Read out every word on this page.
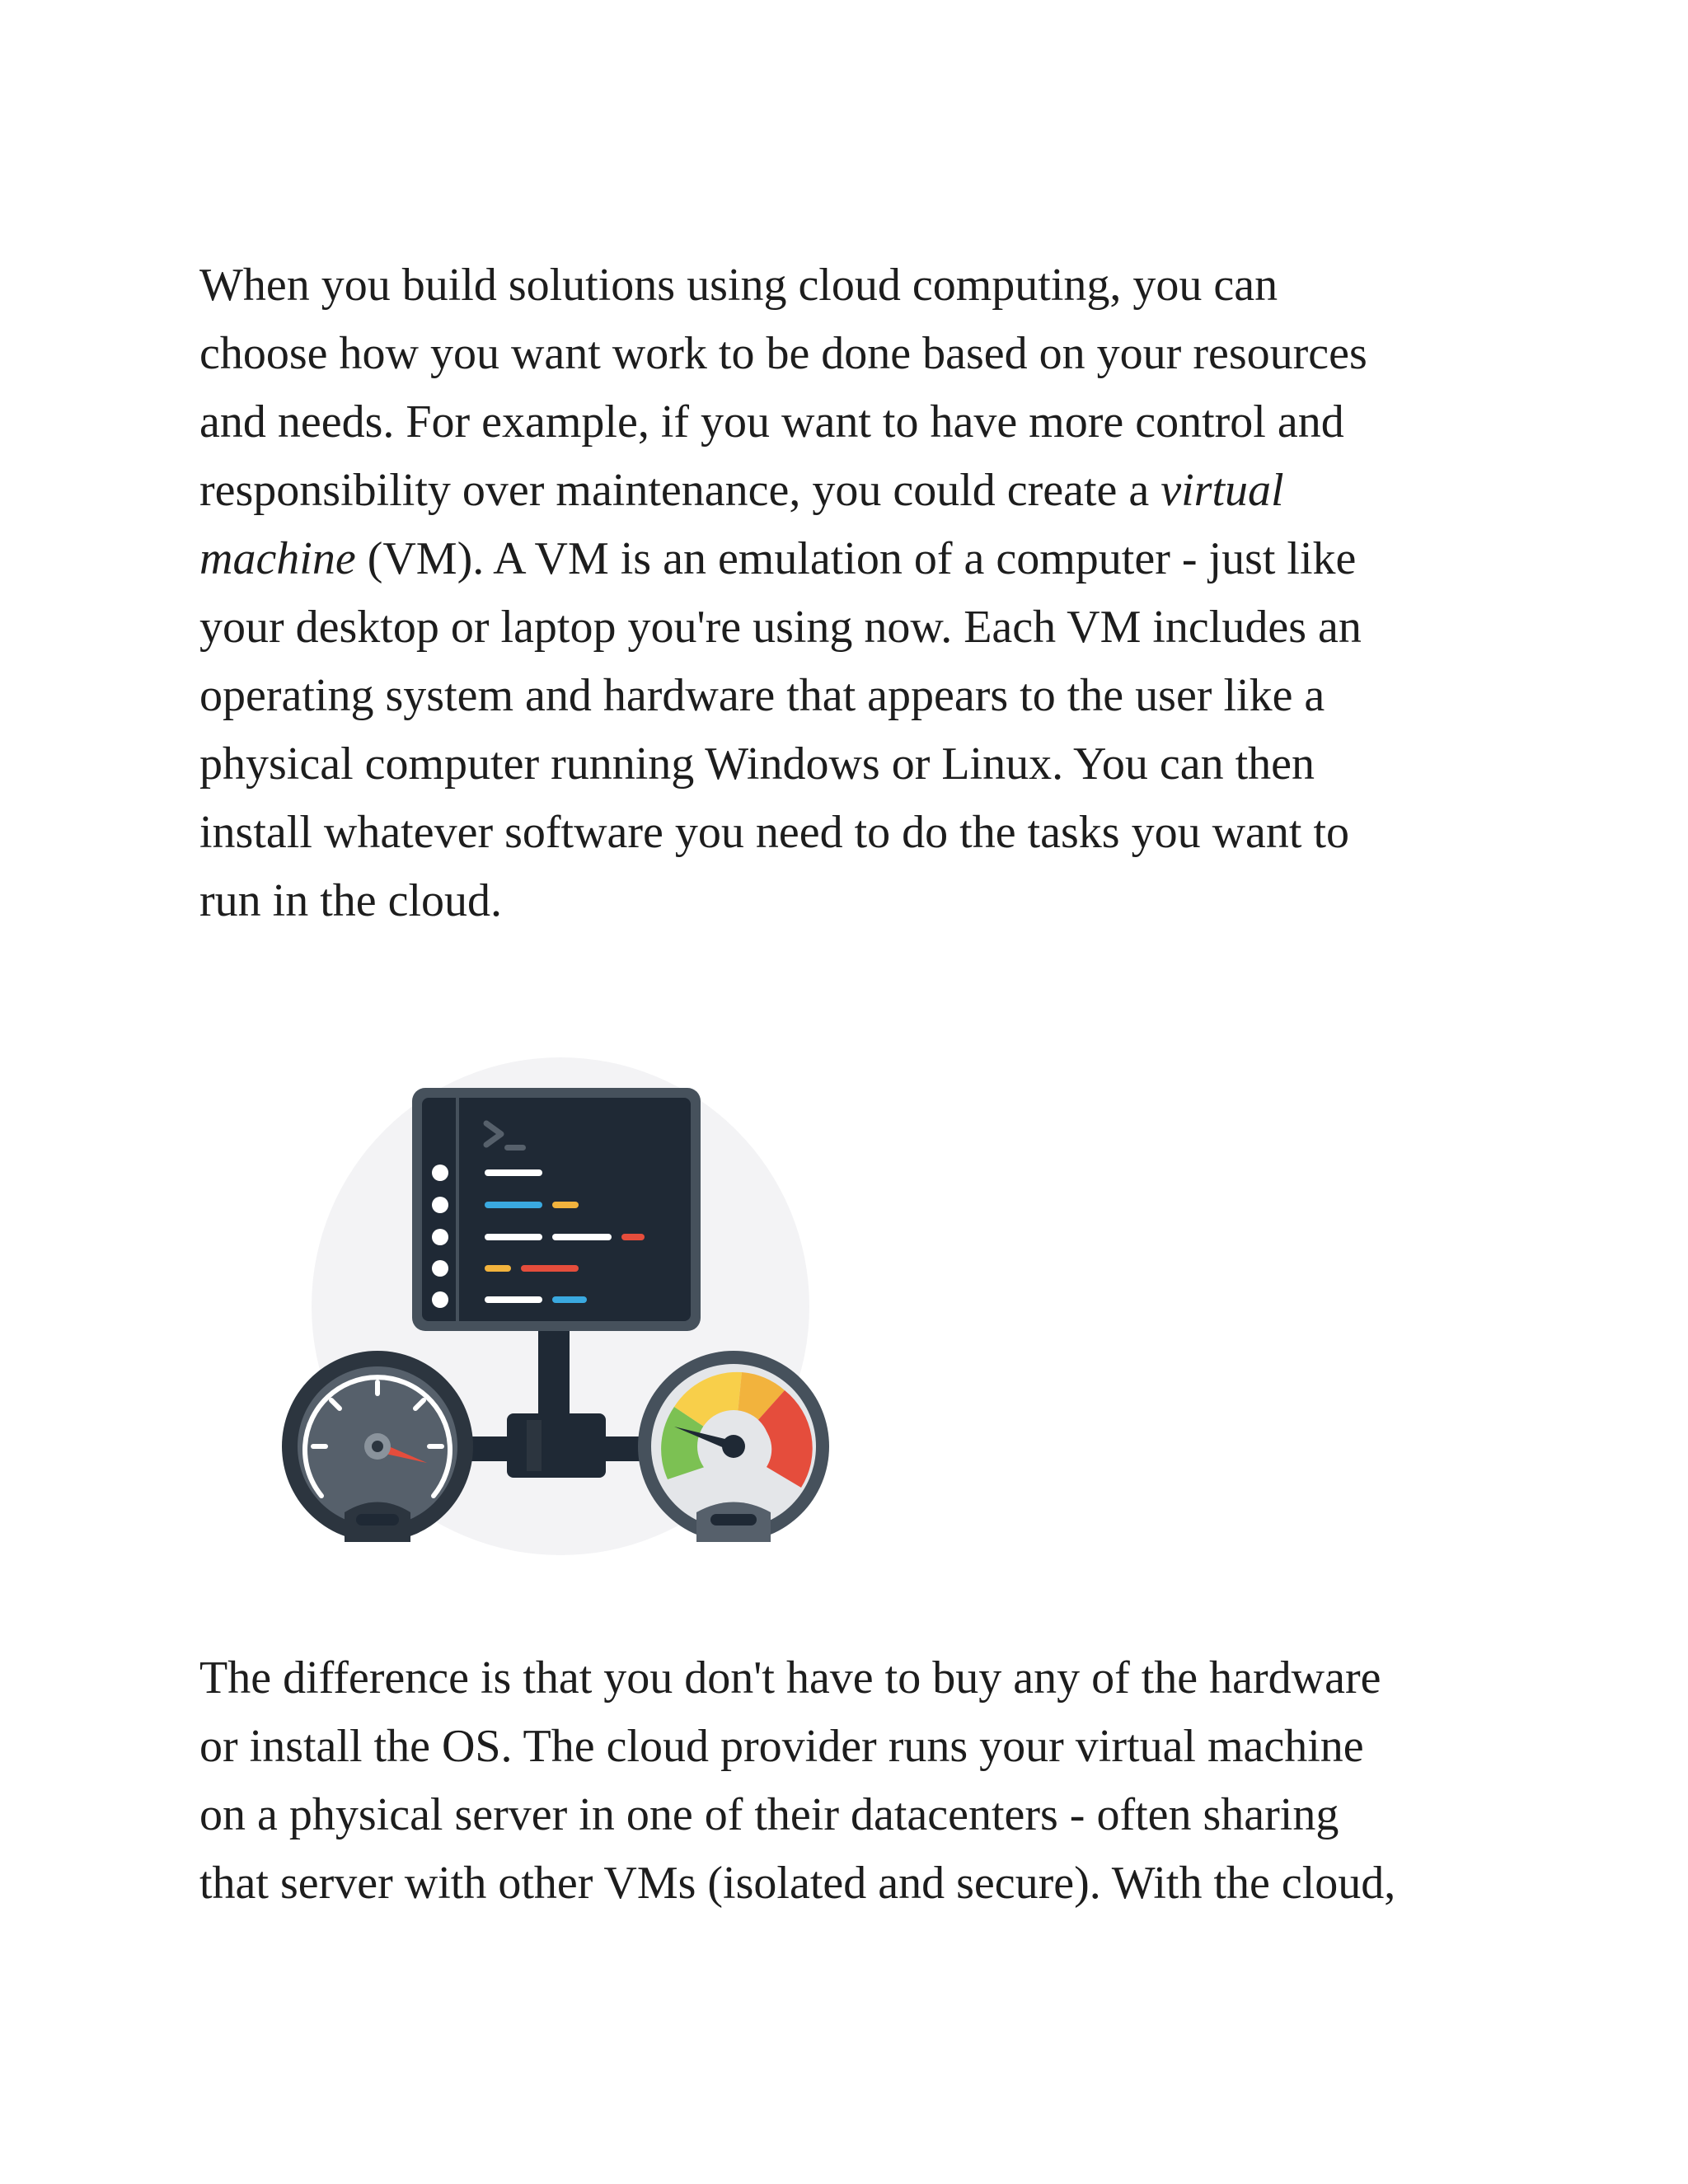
When you build solutions using cloud computing, you can
choose how you want work to be done based on your resources
and needs. For example, if you want to have more control and
responsibility over maintenance, you could create a virtual
machine (VM). A VM is an emulation of a computer - just like
your desktop or laptop you're using now. Each VM includes an
operating system and hardware that appears to the user like a
physical computer running Windows or Linux. You can then
install whatever software you need to do the tasks you want to
run in the cloud.

The difference is that you don't have to buy any of the hardware
or install the OS. The cloud provider runs your virtual machine
on a physical server in one of their datacenters - often sharing
that server with other VMs (isolated and secure). With the cloud,
